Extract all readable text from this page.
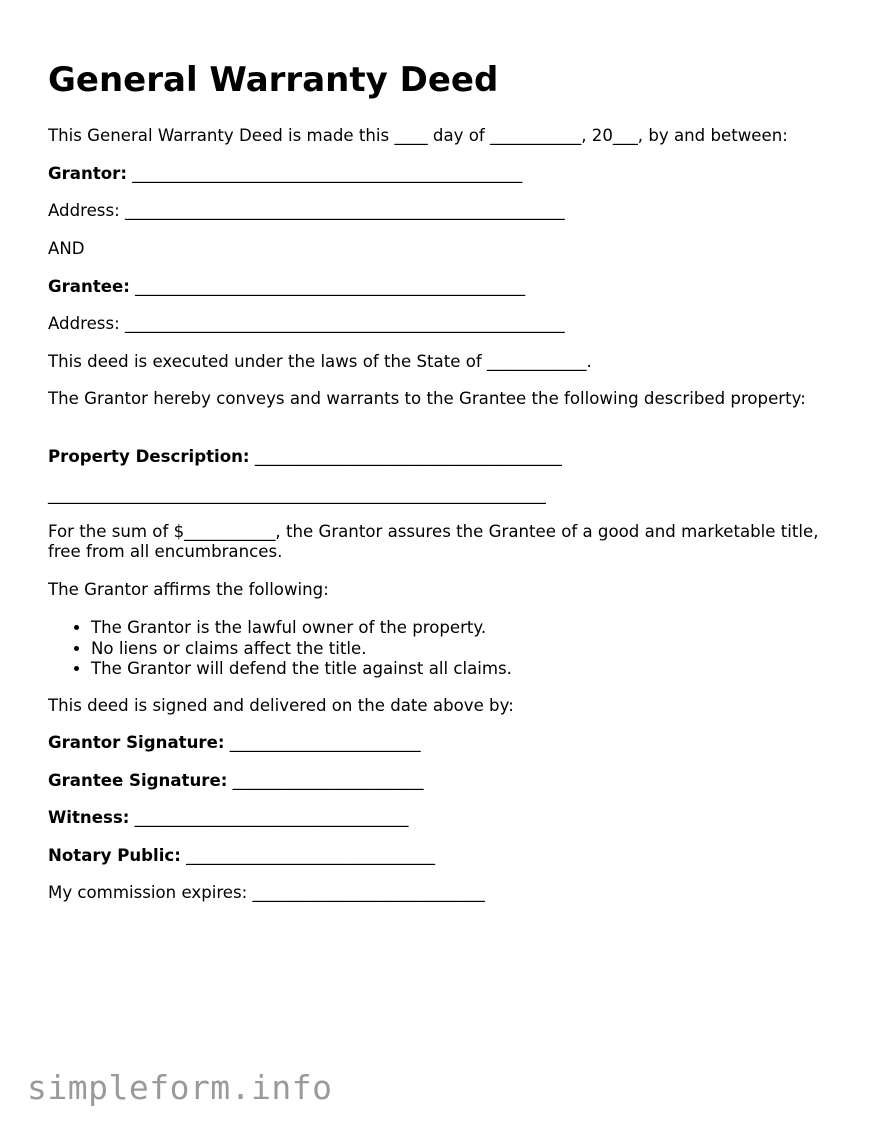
General Warranty Deed
This General Warranty Deed is made this ____ day of ___________, 20___, by and between:
Grantor: _______________________________________________
Address: _____________________________________________________
AND
Grantee: _______________________________________________
Address: _____________________________________________________
This deed is executed under the laws of the State of ____________.
The Grantor hereby conveys and warrants to the Grantee the following described property:
Property Description: _____________________________________
____________________________________________________________
For the sum of $___________, the Grantor assures the Grantee of a good and marketable title, free from all encumbrances.
The Grantor affirms the following:
• The Grantor is the lawful owner of the property.
• No liens or claims affect the title.
• The Grantor will defend the title against all claims.
This deed is signed and delivered on the date above by:
Grantor Signature: _______________________
Grantee Signature: _______________________
Witness: _________________________________
Notary Public: ______________________________
My commission expires: ____________________________
simpleform.info
